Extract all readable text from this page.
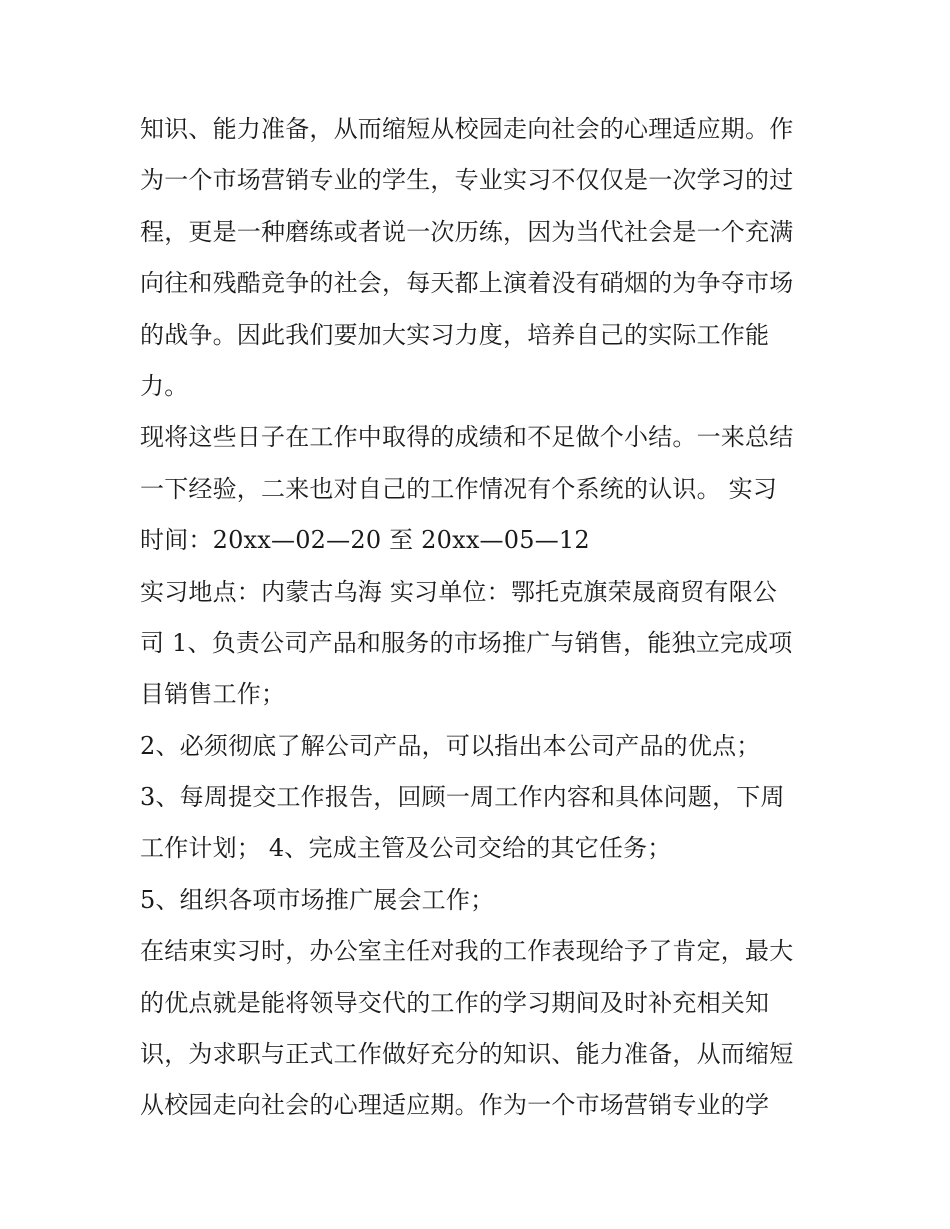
知识、能力准备，从而缩短从校园走向社会的心理适应期。作
为一个市场营销专业的学生，专业实习不仅仅是一次学习的过
程，更是一种磨练或者说一次历练，因为当代社会是一个充满
向往和残酷竞争的社会，每天都上演着没有硝烟的为争夺市场
的战争。因此我们要加大实习力度，培养自己的实际工作能
力。
现将这些日子在工作中取得的成绩和不足做个小结。一来总结
一下经验，二来也对自己的工作情况有个系统的认识。 实习
时间：20xx—02—20 至 20xx—05—12
实习地点：内蒙古乌海 实习单位：鄂托克旗荣晟商贸有限公
司 1、负责公司产品和服务的市场推广与销售，能独立完成项
目销售工作；
2、必须彻底了解公司产品，可以指出本公司产品的优点；
3、每周提交工作报告，回顾一周工作内容和具体问题，下周
工作计划； 4、完成主管及公司交给的其它任务；
5、组织各项市场推广展会工作；
在结束实习时，办公室主任对我的工作表现给予了肯定，最大
的优点就是能将领导交代的工作的学习期间及时补充相关知
识，为求职与正式工作做好充分的知识、能力准备，从而缩短
从校园走向社会的心理适应期。作为一个市场营销专业的学
